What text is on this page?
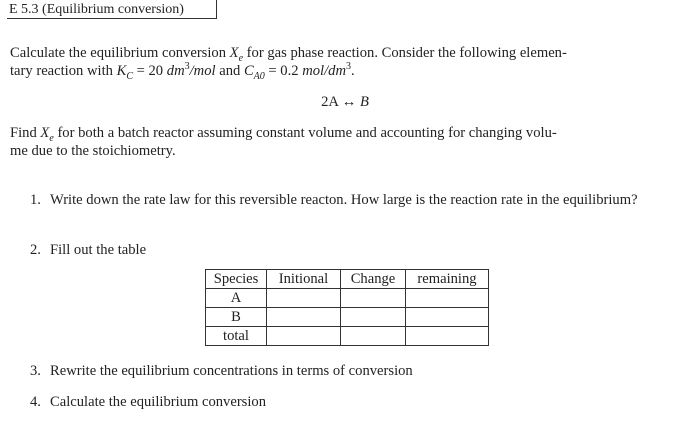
E 5.3 (Equilibrium conversion)
Calculate the equilibrium conversion $X_e$ for gas phase reaction. Consider the following elemen-
tary reaction with $K_C = 20$ $dm^3$/mol and $C_{A0} = 0.2$ mol/$dm^3$.
2A ↔ B
Find $X_e$ for both a batch reactor assuming constant volume and accounting for changing volu-
me due to the stoichiometry.
1. Write down the rate law for this reversible reacton. How large is the reaction rate in the equilibrium?
2. Fill out the table
Species	Initional	Change	remaining
A			
B			
total			
3. Rewrite the equilibrium concentrations in terms of conversion
4. Calculate the equilibrium conversion
